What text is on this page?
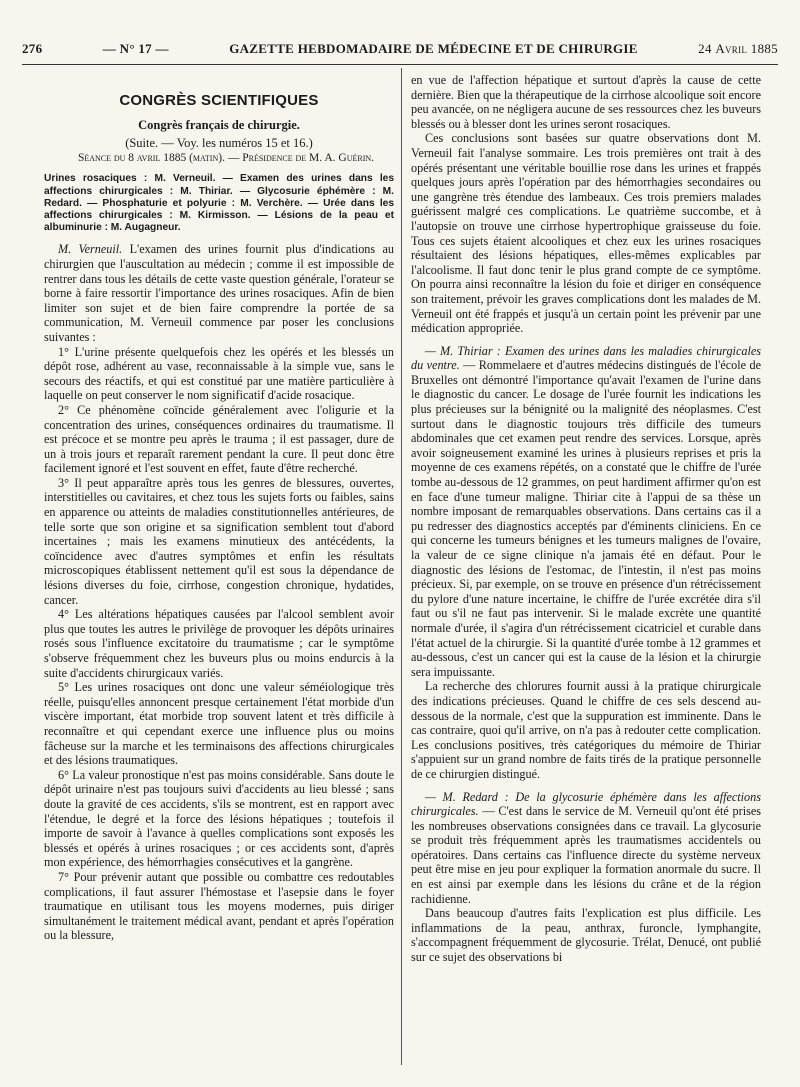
276	— N° 17 —	GAZETTE HEBDOMADAIRE DE MÉDECINE ET DE CHIRURGIE	24 Avril 1885
CONGRÈS SCIENTIFIQUES
Congrès français de chirurgie.
(Suite. — Voy. les numéros 15 et 16.)

Séance du 8 avril 1885 (matin). — Présidence de M. A. Guérin.

Urines rosaciques : M. Verneuil. — Examen des urines dans les affections chirurgicales : M. Thiriar. — Glycosurie éphémère : M. Redard. — Phosphaturie et polyurie : M. Verchère. — Urée dans les affections chirurgicales : M. Kirmisson. — Lésions de la peau et albuminurie : M. Augagneur.

M. Verneuil. L'examen des urines fournit plus d'indications au chirurgien que l'auscultation au médecin ; comme il est impossible de rentrer dans tous les détails de cette vaste question générale, l'orateur se borne à faire ressortir l'importance des urines rosaciques. Afin de bien limiter son sujet et de bien faire comprendre la portée de sa communication, M. Verneuil commence par poser les conclusions suivantes :

1° L'urine présente quelquefois chez les opérés et les blessés un dépôt rose, adhérent au vase, reconnaissable à la simple vue, sans le secours des réactifs, et qui est constitué par une matière particulière à laquelle on peut conserver le nom significatif d'acide rosacique.

2° Ce phénomène coïncide généralement avec l'oligurie et la concentration des urines, conséquences ordinaires du traumatisme. Il est précoce et se montre peu après le trauma ; il est passager, dure de un à trois jours et reparaît rarement pendant la cure. Il peut donc être facilement ignoré et l'est souvent en effet, faute d'être recherché.

3° Il peut apparaître après tous les genres de blessures, ouvertes, interstitielles ou cavitaires, et chez tous les sujets forts ou faibles, sains en apparence ou atteints de maladies constitutionnelles antérieures, de telle sorte que son origine et sa signification semblent tout d'abord incertaines ; mais les examens minutieux des antécédents, la coïncidence avec d'autres symptômes et enfin les résultats microscopiques établissent nettement qu'il est sous la dépendance de lésions diverses du foie, cirrhose, congestion chronique, hydatides, cancer.

4° Les altérations hépatiques causées par l'alcool semblent avoir plus que toutes les autres le privilège de provoquer les dépôts urinaires rosés sous l'influence excitatoire du traumatisme ; car le symptôme s'observe fréquemment chez les buveurs plus ou moins endurcis à la suite d'accidents chirurgicaux variés.

5° Les urines rosaciques ont donc une valeur séméiologique très réelle, puisqu'elles annoncent presque certainement l'état morbide d'un viscère important, état morbide trop souvent latent et très difficile à reconnaître et qui cependant exerce une influence plus ou moins fâcheuse sur la marche et les terminaisons des affections chirurgicales et des lésions traumatiques.

6° La valeur pronostique n'est pas moins considérable. Sans doute le dépôt urinaire n'est pas toujours suivi d'accidents au lieu blessé ; sans doute la gravité de ces accidents, s'ils se montrent, est en rapport avec l'étendue, le degré et la force des lésions hépatiques ; toutefois il importe de savoir à l'avance à quelles complications sont exposés les blessés et opérés à urines rosaciques ; or ces accidents sont, d'après mon expérience, des hémorrhagies consécutives et la gangrène.

7° Pour prévenir autant que possible ou combattre ces redoutables complications, il faut assurer l'hémostase et l'asepsie dans le foyer traumatique en utilisant tous les moyens modernes, puis diriger simultanément le traitement médical avant, pendant et après l'opération ou la blessure,

en vue de l'affection hépatique et surtout d'après la cause de cette dernière. Bien que la thérapeutique de la cirrhose alcoolique soit encore peu avancée, on ne négligera aucune de ses ressources chez les buveurs blessés ou à blesser dont les urines seront rosaciques.

Ces conclusions sont basées sur quatre observations dont M. Verneuil fait l'analyse sommaire. Les trois premières ont trait à des opérés présentant une véritable bouillie rose dans les urines et frappés quelques jours après l'opération par des hémorrhagies secondaires ou une gangrène très étendue des lambeaux. Ces trois premiers malades guérissent malgré ces complications. Le quatrième succombe, et à l'autopsie on trouve une cirrhose hypertrophique graisseuse du foie. Tous ces sujets étaient alcooliques et chez eux les urines rosaciques résultaient des lésions hépatiques, elles-mêmes explicables par l'alcoolisme. Il faut donc tenir le plus grand compte de ce symptôme. On pourra ainsi reconnaître la lésion du foie et diriger en conséquence son traitement, prévoir les graves complications dont les malades de M. Verneuil ont été frappés et jusqu'à un certain point les prévenir par une médication appropriée.

— M. Thiriar : Examen des urines dans les maladies chirurgicales du ventre. — Rommelaere et d'autres médecins distingués de l'école de Bruxelles ont démontré l'importance qu'avait l'examen de l'urine dans le diagnostic du cancer. Le dosage de l'urée fournit les indications les plus précieuses sur la bénignité ou la malignité des néoplasmes. C'est surtout dans le diagnostic toujours très difficile des tumeurs abdominales que cet examen peut rendre des services. Lorsque, après avoir soigneusement examiné les urines à plusieurs reprises et pris la moyenne de ces examens répétés, on a constaté que le chiffre de l'urée tombe au-dessous de 12 grammes, on peut hardiment affirmer qu'on est en face d'une tumeur maligne. Thiriar cite à l'appui de sa thèse un nombre imposant de remarquables observations. Dans certains cas il a pu redresser des diagnostics acceptés par d'éminents cliniciens. En ce qui concerne les tumeurs bénignes et les tumeurs malignes de l'ovaire, la valeur de ce signe clinique n'a jamais été en défaut. Pour le diagnostic des lésions de l'estomac, de l'intestin, il n'est pas moins précieux. Si, par exemple, on se trouve en présence d'un rétrécissement du pylore d'une nature incertaine, le chiffre de l'urée excrétée dira s'il faut ou s'il ne faut pas intervenir. Si le malade excrète une quantité normale d'urée, il s'agira d'un rétrécissement cicatriciel et curable dans l'état actuel de la chirurgie. Si la quantité d'urée tombe à 12 grammes et au-dessous, c'est un cancer qui est la cause de la lésion et la chirurgie sera impuissante.

La recherche des chlorures fournit aussi à la pratique chirurgicale des indications précieuses. Quand le chiffre de ces sels descend au-dessous de la normale, c'est que la suppuration est imminente. Dans le cas contraire, quoi qu'il arrive, on n'a pas à redouter cette complication. Les conclusions positives, très catégoriques du mémoire de Thiriar s'appuient sur un grand nombre de faits tirés de la pratique personnelle de ce chirurgien distingué.

— M. Redard : De la glycosurie éphémère dans les affections chirurgicales. — C'est dans le service de M. Verneuil qu'ont été prises les nombreuses observations consignées dans ce travail. La glycosurie se produit très fréquemment après les traumatismes accidentels ou opératoires. Dans certains cas l'influence directe du système nerveux peut être mise en jeu pour expliquer la formation anormale du sucre. Il en est ainsi par exemple dans les lésions du crâne et de la région rachidienne.

Dans beaucoup d'autres faits l'explication est plus difficile. Les inflammations de la peau, anthrax, furoncle, lymphangite, s'accompagnent fréquemment de glycosurie. Trélat, Denucé, ont publié sur ce sujet des observations bi
